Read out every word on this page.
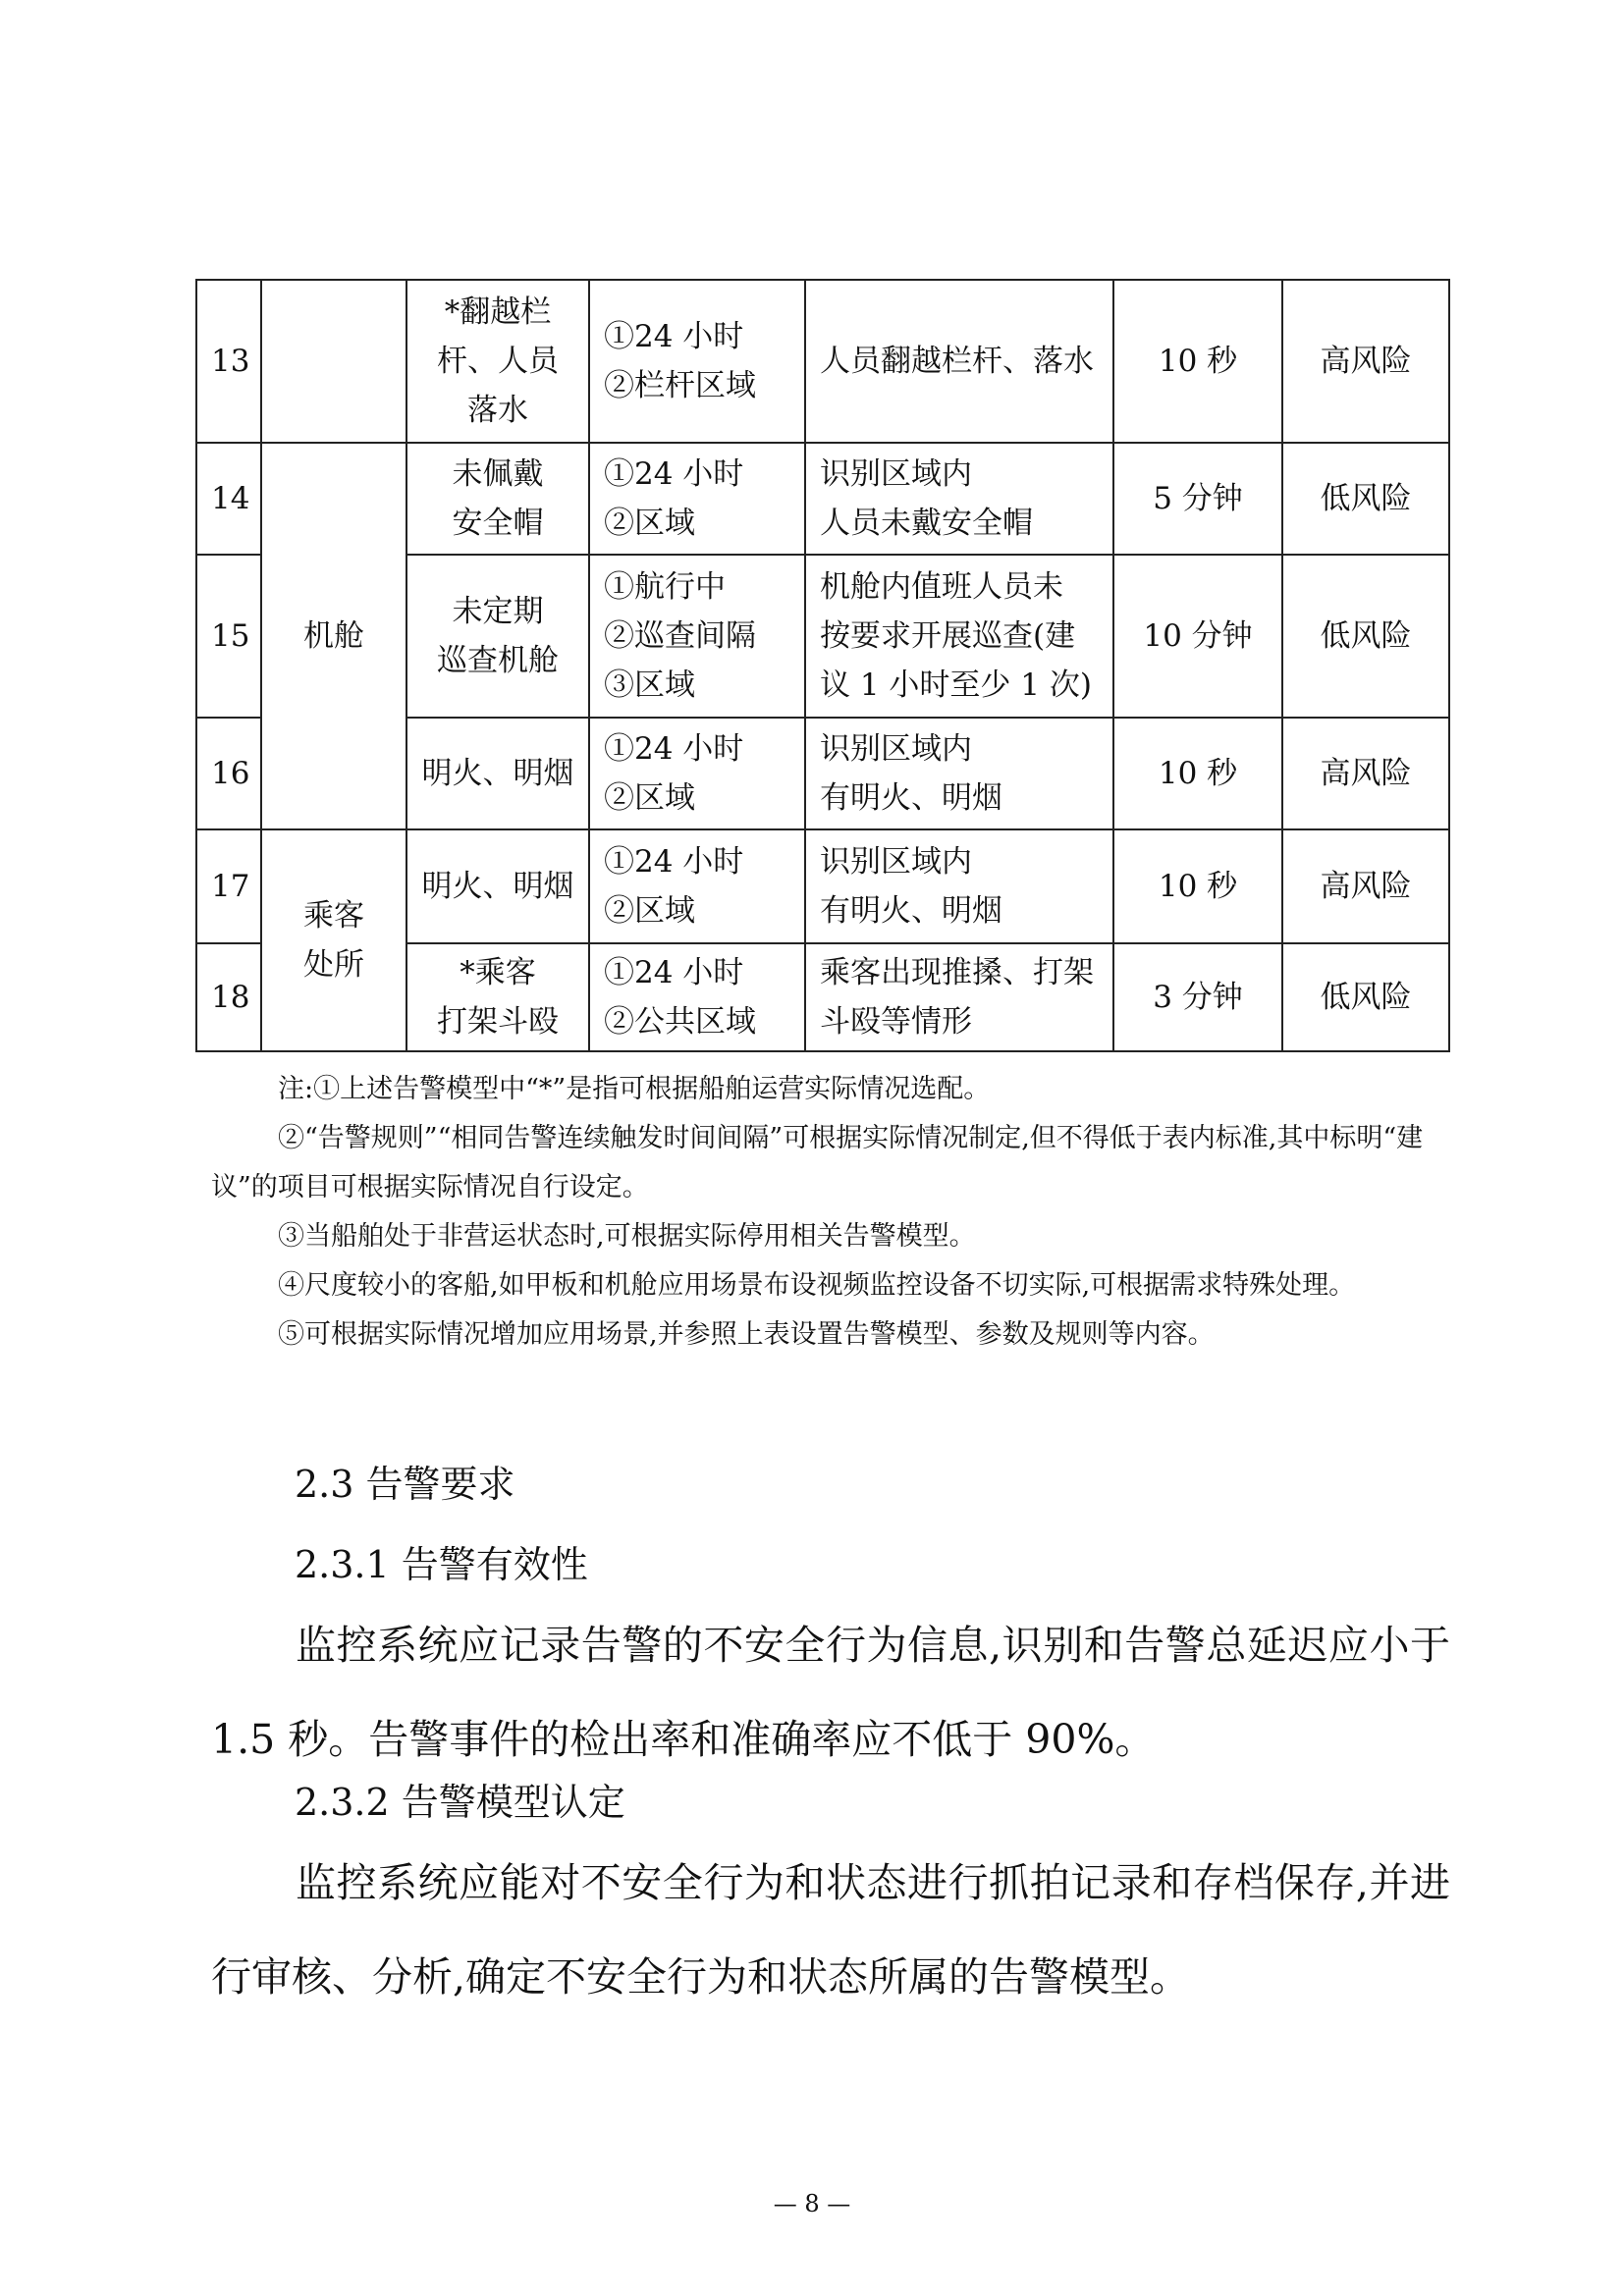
13		*翻越栏
杆、人员
落水	①24 小时
②栏杆区域	人员翻越栏杆、落水	10 秒	高风险
14	机舱	未佩戴
安全帽	①24 小时
②区域	识别区域内
人员未戴安全帽	5 分钟	低风险
15		未定期
巡查机舱	①航行中
②巡查间隔
③区域	机舱内值班人员未
按要求开展巡查(建
议 1 小时至少 1 次)	10 分钟	低风险
16		明火、明烟	①24 小时
②区域	识别区域内
有明火、明烟	10 秒	高风险
17	乘客
处所	明火、明烟	①24 小时
②区域	识别区域内
有明火、明烟	10 秒	高风险
18		*乘客
打架斗殴	①24 小时
②公共区域	乘客出现推搡、打架
斗殴等情形	3 分钟	低风险

注:①上述告警模型中“*”是指可根据船舶运营实际情况选配。

②“告警规则”“相同告警连续触发时间间隔”可根据实际情况制定,但不得低于表内标准,其中标明“建议”的项目可根据实际情况自行设定。

③当船舶处于非营运状态时,可根据实际停用相关告警模型。

④尺度较小的客船,如甲板和机舱应用场景布设视频监控设备不切实际,可根据需求特殊处理。

⑤可根据实际情况增加应用场景,并参照上表设置告警模型、参数及规则等内容。

2.3 告警要求
2.3.1 告警有效性

监控系统应记录告警的不安全行为信息,识别和告警总延迟应小于 1.5 秒。告警事件的检出率和准确率应不低于 90%。

2.3.2 告警模型认定

监控系统应能对不安全行为和状态进行抓拍记录和存档保存,并进行审核、分析,确定不安全行为和状态所属的告警模型。

— 8 —
